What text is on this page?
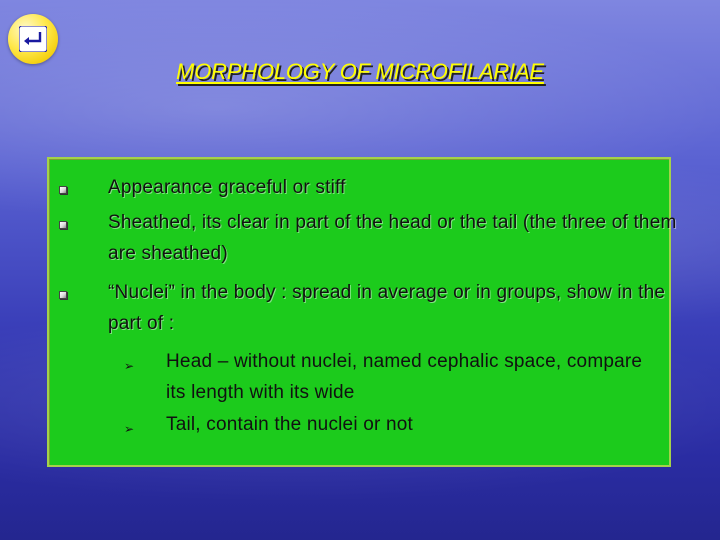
MORPHOLOGY OF MICROFILARIAE
Appearance graceful or stiff
Sheathed, its clear in part of the head or the tail (the three of them are sheathed)
“Nuclei” in the body : spread in average or in groups, show in the part of :
➢ Head – without nuclei, named cephalic space, compare its length with its wide
➢ Tail, contain the nuclei or not
